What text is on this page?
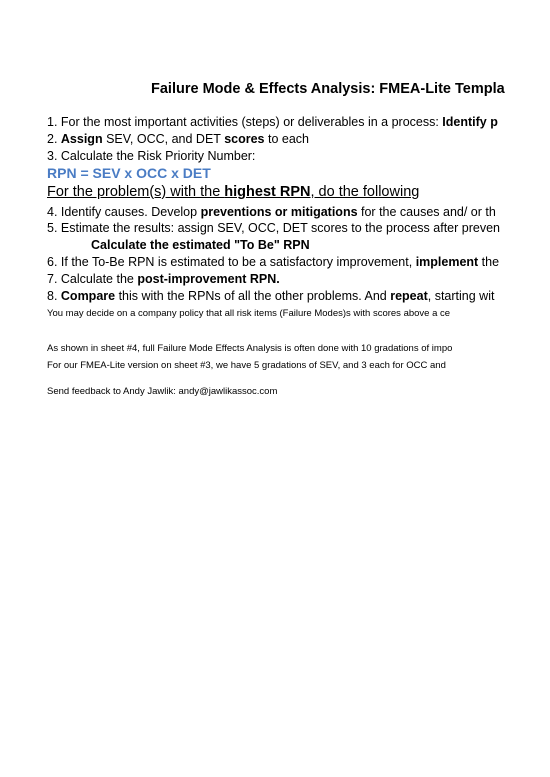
Failure Mode & Effects Analysis: FMEA-Lite Templa
1. For the most important activities (steps) or deliverables in a process: Identify p
2. Assign SEV, OCC, and DET scores to each
3. Calculate the Risk Priority Number:
RPN = SEV x OCC x DET
For the problem(s) with the highest RPN, do the following
4. Identify causes. Develop preventions or mitigations for the causes and/ or th
5. Estimate the results: assign SEV, OCC, DET scores to the process after preven
Calculate the estimated "To Be" RPN
6. If the To-Be RPN is estimated to be a satisfactory improvement, implement the
7. Calculate the post-improvement RPN.
8. Compare this with the RPNs of all the other problems. And repeat, starting wit
You may decide on a company policy that all risk items (Failure Modes)s with scores above a ce
As shown in sheet #4, full Failure Mode Effects Analysis is often done with 10 gradations of impo
For our FMEA-Lite version on sheet #3, we have 5 gradations of SEV, and 3 each for OCC and
Send feedback to Andy Jawlik: andy@jawlikassoc.com
